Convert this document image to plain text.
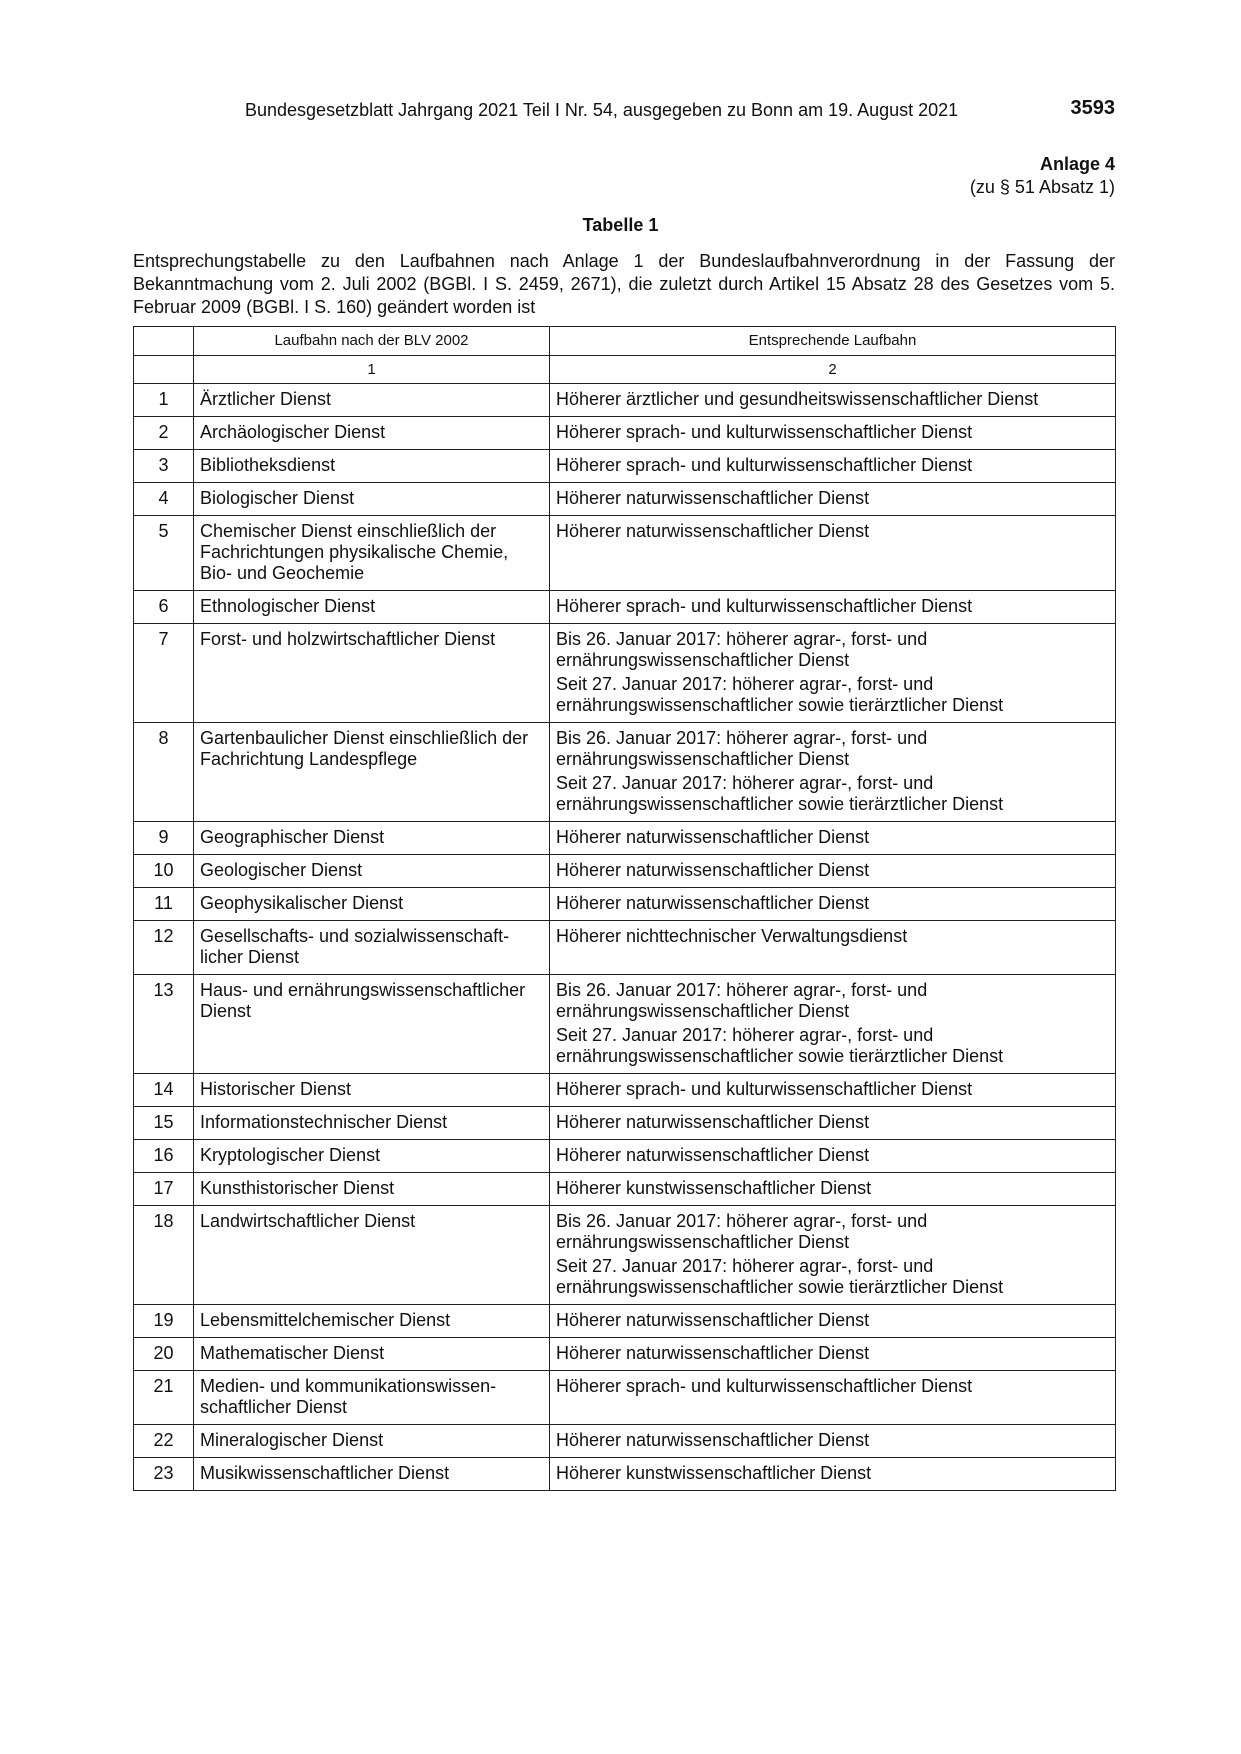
Bundesgesetzblatt Jahrgang 2021 Teil I Nr. 54, ausgegeben zu Bonn am 19. August 2021	3593
Anlage 4
(zu § 51 Absatz 1)
Tabelle 1
Entsprechungstabelle zu den Laufbahnen nach Anlage 1 der Bundeslaufbahnverordnung in der Fassung der Bekanntmachung vom 2. Juli 2002 (BGBl. I S. 2459, 2671), die zuletzt durch Artikel 15 Absatz 28 des Gesetzes vom 5. Februar 2009 (BGBl. I S. 160) geändert worden ist
	Laufbahn nach der BLV 2002	Entsprechende Laufbahn
	1	2
1	Ärztlicher Dienst	Höherer ärztlicher und gesundheitswissenschaftlicher Dienst

2	Archäologischer Dienst	Höherer sprach- und kulturwissenschaftlicher Dienst

3	Bibliotheksdienst	Höherer sprach- und kulturwissenschaftlicher Dienst

4	Biologischer Dienst	Höherer naturwissenschaftlicher Dienst

5	Chemischer Dienst einschließlich der Fachrichtungen physikalische Chemie, Bio- und Geochemie	Höherer naturwissenschaftlicher Dienst

6	Ethnologischer Dienst	Höherer sprach- und kulturwissenschaftlicher Dienst

7	Forst- und holzwirtschaftlicher Dienst	Bis 26. Januar 2017: höherer agrar-, forst- und ernährungswissenschaftlicher Dienst
Seit 27. Januar 2017: höherer agrar-, forst- und ernährungswissenschaftlicher sowie tierärztlicher Dienst

8	Gartenbaulicher Dienst einschließlich der Fachrichtung Landespflege	Bis 26. Januar 2017: höherer agrar-, forst- und ernährungswissenschaftlicher Dienst
Seit 27. Januar 2017: höherer agrar-, forst- und ernährungswissenschaftlicher sowie tierärztlicher Dienst

9	Geographischer Dienst	Höherer naturwissenschaftlicher Dienst

10	Geologischer Dienst	Höherer naturwissenschaftlicher Dienst

11	Geophysikalischer Dienst	Höherer naturwissenschaftlicher Dienst

12	Gesellschafts- und sozialwissenschaft-licher Dienst	Höherer nichttechnischer Verwaltungsdienst

13	Haus- und ernährungswissenschaftlicher Dienst	Bis 26. Januar 2017: höherer agrar-, forst- und ernährungswissenschaftlicher Dienst
Seit 27. Januar 2017: höherer agrar-, forst- und ernährungswissenschaftlicher sowie tierärztlicher Dienst

14	Historischer Dienst	Höherer sprach- und kulturwissenschaftlicher Dienst

15	Informationstechnischer Dienst	Höherer naturwissenschaftlicher Dienst

16	Kryptologischer Dienst	Höherer naturwissenschaftlicher Dienst

17	Kunsthistorischer Dienst	Höherer kunstwissenschaftlicher Dienst

18	Landwirtschaftlicher Dienst	Bis 26. Januar 2017: höherer agrar-, forst- und ernährungswissenschaftlicher Dienst
Seit 27. Januar 2017: höherer agrar-, forst- und ernährungswissenschaftlicher sowie tierärztlicher Dienst

19	Lebensmittelchemischer Dienst	Höherer naturwissenschaftlicher Dienst

20	Mathematischer Dienst	Höherer naturwissenschaftlicher Dienst

21	Medien- und kommunikationswissen-schaftlicher Dienst	Höherer sprach- und kulturwissenschaftlicher Dienst

22	Mineralogischer Dienst	Höherer naturwissenschaftlicher Dienst

23	Musikwissenschaftlicher Dienst	Höherer kunstwissenschaftlicher Dienst
